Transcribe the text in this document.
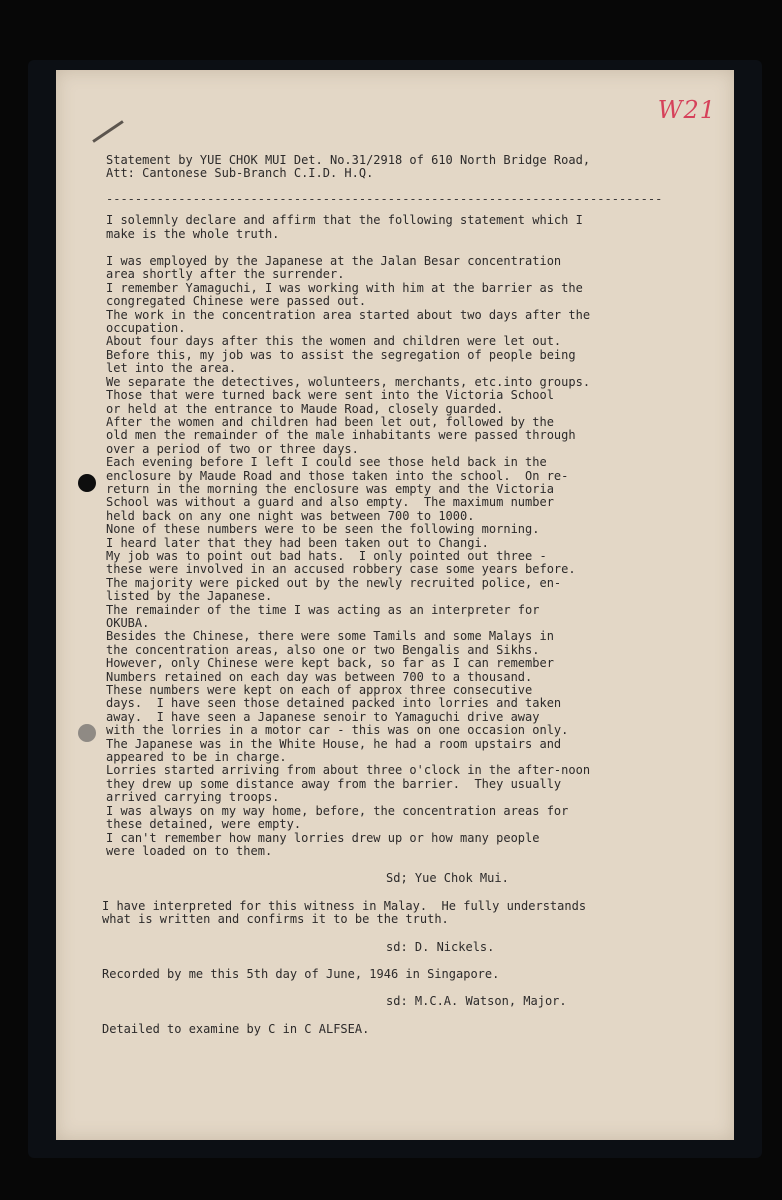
W21
Statement by YUE CHOK MUI Det. No.31/2918 of 610 North Bridge Road,
Att: Cantonese Sub-Branch C.I.D. H.Q.
-----
I solemnly declare and affirm that the following statement which I
make is the whole truth.
I was employed by the Japanese at the Jalan Besar concentration
area shortly after the surrender.
I remember Yamaguchi, I was working with him at the barrier as the
congregated Chinese were passed out.
The work in the concentration area started about two days after the
occupation.
About four days after this the women and children were let out.
Before this, my job was to assist the segregation of people being
let into the area.
We separate the detectives, wolunteers, merchants, etc.into groups.
Those that were turned back were sent into the Victoria School
or held at the entrance to Maude Road, closely guarded.
After the women and children had been let out, followed by the
old men the remainder of the male inhabitants were passed through
over a period of two or three days.
Each evening before I left I could see those held back in the
enclosure by Maude Road and those taken into the school.  On re-
return in the morning the enclosure was empty and the Victoria
School was without a guard and also empty.  The maximum number
held back on any one night was between 700 to 1000.
None of these numbers were to be seen the following morning.
I heard later that they had been taken out to Changi.
My job was to point out bad hats.  I only pointed out three -
these were involved in an accused robbery case some years before.
The majority were picked out by the newly recruited police, en-
listed by the Japanese.
The remainder of the time I was acting as an interpreter for
OKUBA.
Besides the Chinese, there were some Tamils and some Malays in
the concentration areas, also one or two Bengalis and Sikhs.
However, only Chinese were kept back, so far as I can remember
Numbers retained on each day was between 700 to a thousand.
These numbers were kept on each of approx three consecutive
days.  I have seen those detained packed into lorries and taken
away.  I have seen a Japanese senoir to Yamaguchi drive away
with the lorries in a motor car - this was on one occasion only.
The Japanese was in the White House, he had a room upstairs and
appeared to be in charge.
Lorries started arriving from about three o'clock in the after-noon
they drew up some distance away from the barrier.  They usually
arrived carrying troops.
I was always on my way home, before, the concentration areas for
these detained, were empty.
I can't remember how many lorries drew up or how many people
were loaded on to them.
Sd; Yue Chok Mui.
I have interpreted for this witness in Malay.  He fully understands
what is written and confirms it to be the truth.
sd: D. Nickels.
Recorded by me this 5th day of June, 1946 in Singapore.
sd: M.C.A. Watson, Major.
Detailed to examine by C in C ALFSEA.
